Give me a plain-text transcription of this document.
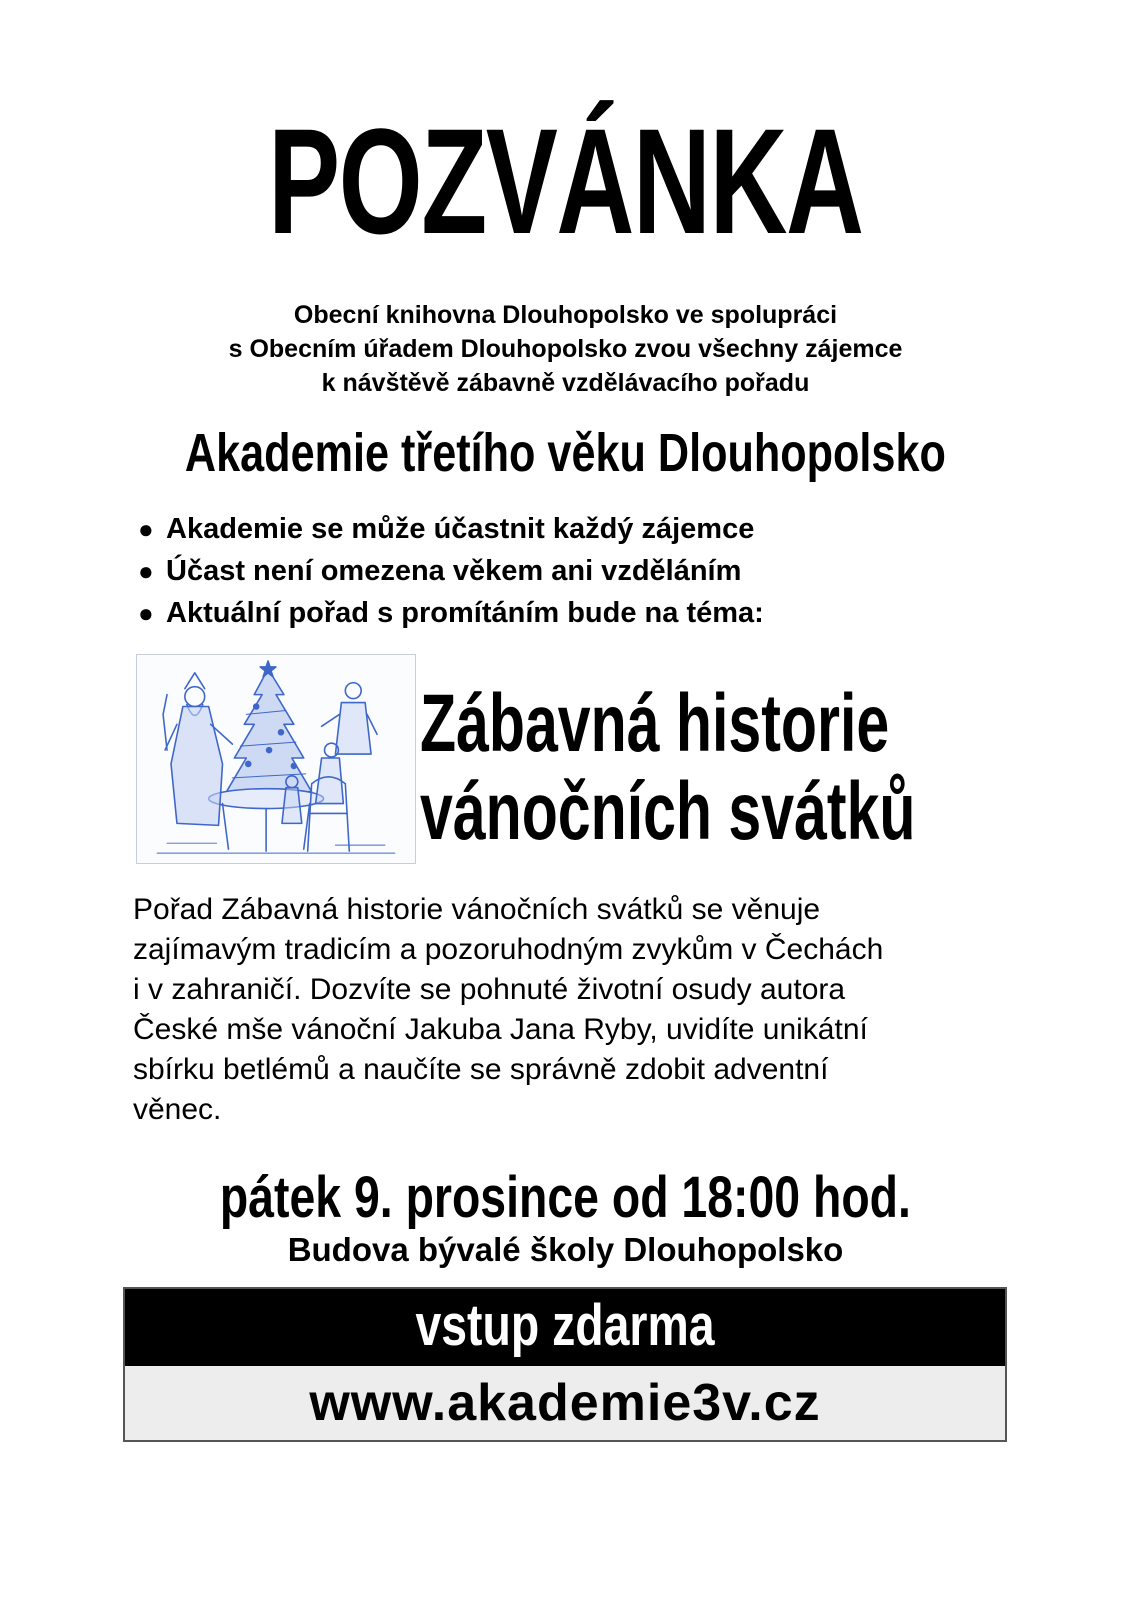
POZVÁNKA
Obecní knihovna Dlouhopolsko ve spolupráci
s Obecním úřadem Dlouhopolsko zvou všechny zájemce
k návštěvě zábavně vzdělávacího pořadu
Akademie třetího věku Dlouhopolsko
● Akademie se může účastnit každý zájemce
● Účast není omezena věkem ani vzděláním
● Aktuální pořad s promítáním bude na téma:
Zábavná historie
vánočních svátků
Pořad Zábavná historie vánočních svátků se věnuje
zajímavým tradicím a pozoruhodným zvykům v Čechách
i v zahraničí. Dozvíte se pohnuté životní osudy autora
České mše vánoční Jakuba Jana Ryby, uvidíte unikátní
sbírku betlémů a naučíte se správně zdobit adventní
věnec.
pátek 9. prosince od 18:00 hod.
Budova bývalé školy Dlouhopolsko
vstup zdarma
www.akademie3v.cz
